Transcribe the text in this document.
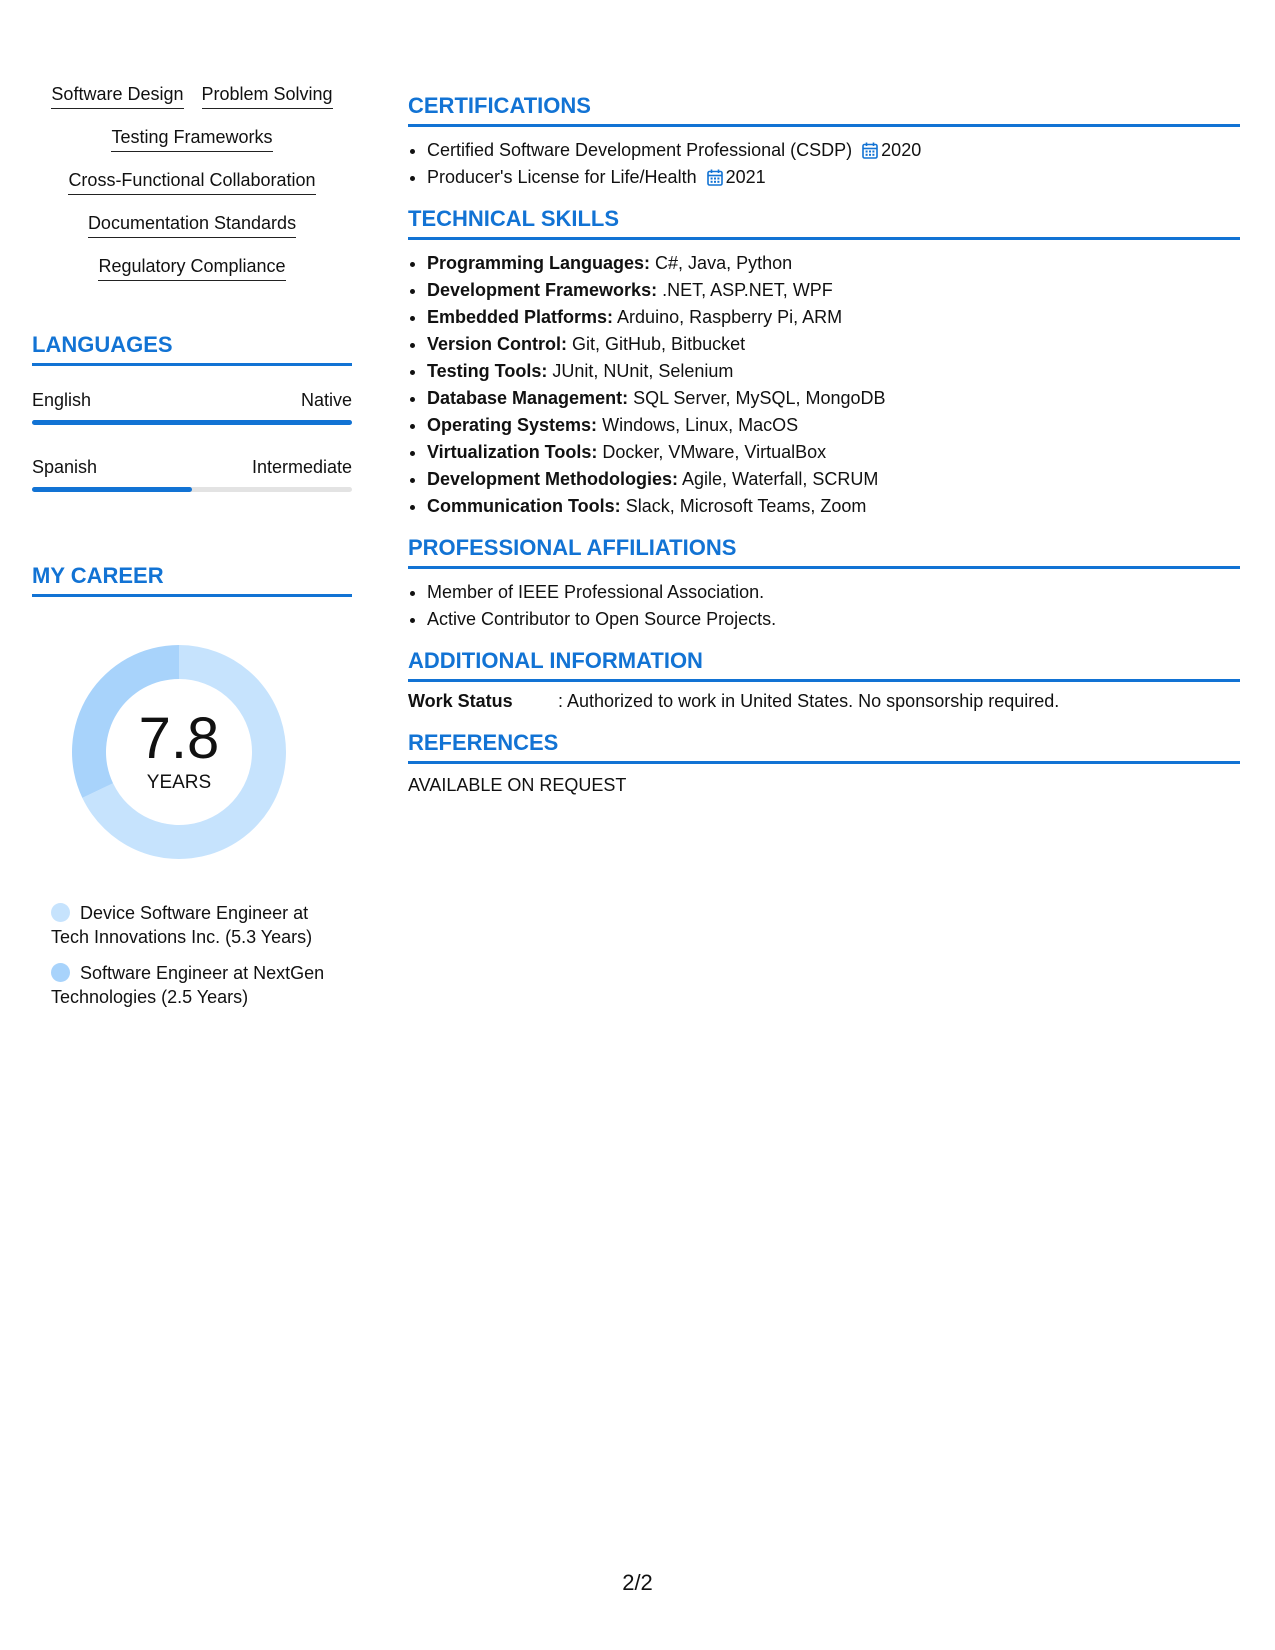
Software Design Problem Solving
Testing Frameworks
Cross-Functional Collaboration
Documentation Standards
Regulatory Compliance
LANGUAGES
English	Native
Spanish	Intermediate
MY CAREER
7.8
YEARS
Device Software Engineer at Tech Innovations Inc. (5.3 Years)
Software Engineer at NextGen Technologies (2.5 Years)
CERTIFICATIONS
• Certified Software Development Professional (CSDP) 2020
• Producer's License for Life/Health 2021
TECHNICAL SKILLS
• Programming Languages: C#, Java, Python
• Development Frameworks: .NET, ASP.NET, WPF
• Embedded Platforms: Arduino, Raspberry Pi, ARM
• Version Control: Git, GitHub, Bitbucket
• Testing Tools: JUnit, NUnit, Selenium
• Database Management: SQL Server, MySQL, MongoDB
• Operating Systems: Windows, Linux, MacOS
• Virtualization Tools: Docker, VMware, VirtualBox
• Development Methodologies: Agile, Waterfall, SCRUM
• Communication Tools: Slack, Microsoft Teams, Zoom
PROFESSIONAL AFFILIATIONS
• Member of IEEE Professional Association.
• Active Contributor to Open Source Projects.
ADDITIONAL INFORMATION
Work Status	: Authorized to work in United States. No sponsorship required.
REFERENCES
AVAILABLE ON REQUEST
2/2
